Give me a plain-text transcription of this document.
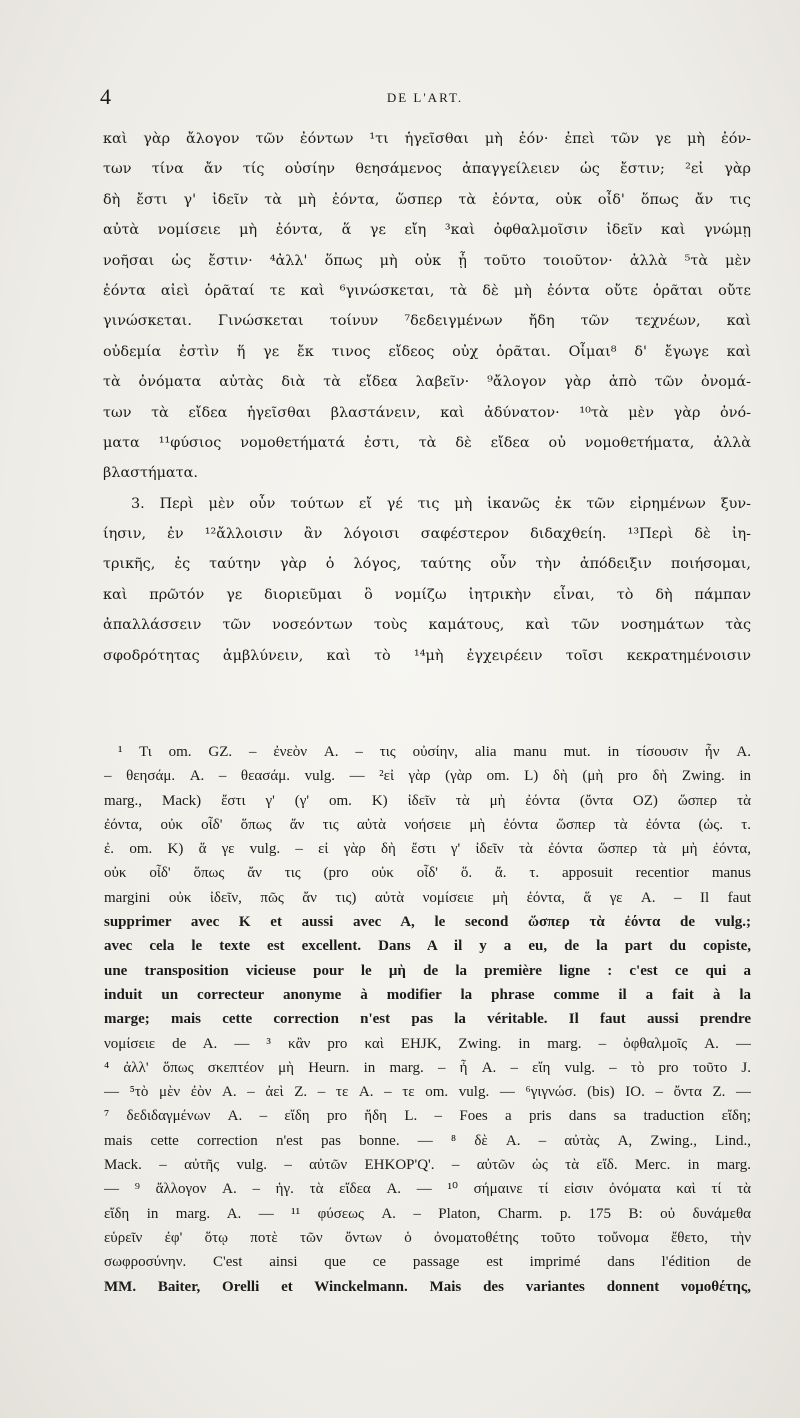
4	DE L'ART.
καὶ γὰρ ἄλογον τῶν ἐόντων ¹τι ἡγεῖσθαι μὴ ἐόν· ἐπεὶ τῶν γε μὴ ἐόν-
των τίνα ἄν τίς οὐσίην θεησάμενος ἀπαγγείλειεν ὡς ἔστιν; ²εἰ γὰρ
δὴ ἔστι γ' ἰδεῖν τὰ μὴ ἐόντα, ὥσπερ τὰ ἐόντα, οὐκ οἶδ' ὅπως ἄν τις
αὐτὰ νομίσειε μὴ ἐόντα, ἅ γε εἴη ³καὶ ὀφθαλμοῖσιν ἰδεῖν καὶ γνώμῃ
νοῆσαι ὡς ἔστιν· ⁴ἀλλ' ὅπως μὴ οὐκ ᾖ τοῦτο τοιοῦτον· ἀλλὰ ⁵τὰ μὲν
ἐόντα αἰεὶ ὁρᾶταί τε καὶ ⁶γινώσκεται, τὰ δὲ μὴ ἐόντα οὔτε ὁρᾶται οὔτε
γινώσκεται. Γινώσκεται τοίνυν ⁷δεδειγμένων ἤδη τῶν τεχνέων, καὶ
οὐδεμία ἐστὶν ἥ γε ἔκ τινος εἴδεος οὐχ ὁρᾶται. Οἶμαι⁸ δ' ἔγωγε καὶ
τὰ ὀνόματα αὐτὰς διὰ τὰ εἴδεα λαβεῖν· ⁹ἄλογον γὰρ ἀπὸ τῶν ὀνομά-
των τὰ εἴδεα ἡγεῖσθαι βλαστάνειν, καὶ ἀδύνατον· ¹⁰τὰ μὲν γὰρ ὀνό-
ματα ¹¹φύσιος νομοθετήματά ἐστι, τὰ δὲ εἴδεα οὐ νομοθετήματα, ἀλλὰ
βλαστήματα.
3. Περὶ μὲν οὖν τούτων εἴ γέ τις μὴ ἱκανῶς ἐκ τῶν εἰρημένων ξυν-
ίησιν, ἐν ¹²ἄλλοισιν ἂν λόγοισι σαφέστερον διδαχθείη. ¹³Περὶ δὲ ἰη-
τρικῆς, ἐς ταύτην γὰρ ὁ λόγος, ταύτης οὖν τὴν ἀπόδειξιν ποιήσομαι,
καὶ πρῶτόν γε διοριεῦμαι ὃ νομίζω ἰητρικὴν εἶναι, τὸ δὴ πάμπαν
ἀπαλλάσσειν τῶν νοσεόντων τοὺς καμάτους, καὶ τῶν νοσημάτων τὰς
σφοδρότητας ἀμβλύνειν, καὶ τὸ ¹⁴μὴ ἐγχειρέειν τοῖσι κεκρατημένοισιν
¹ Τι om. GZ. – ἐνεὸν A. – τις οὐσίην, alia manu mut. in τίσουσιν ἦν A.
– θεησάμ. A. – θεασάμ. vulg. — ²εἰ γὰρ (γὰρ om. L) δὴ (μὴ pro δὴ Zwing. in
marg., Mack) ἔστι γ' (γ' om. K) ἰδεῖν τὰ μὴ ἐόντα (ὄντα OZ) ὥσπερ τὰ
ἐόντα, οὐκ οἶδ' ὅπως ἄν τις αὐτὰ νοήσειε μὴ ἐόντα ὥσπερ τὰ ἐόντα (ὡς. τ.
ἐ. om. K) ἅ γε vulg. – εἰ γὰρ δὴ ἔστι γ' ἰδεῖν τὰ ἐόντα ὥσπερ τὰ μὴ ἐόντα,
οὐκ οἶδ' ὅπως ἄν τις (pro οὐκ οἶδ' ὅ. ἄ. τ. apposuit recentior manus
margini οὐκ ἰδεῖν, πῶς ἄν τις) αὐτὰ νομίσειε μὴ ἐόντα, ἅ γε A. – Il faut
supprimer avec K et aussi avec A, le second ὥσπερ τὰ ἐόντα de vulg.;
avec cela le texte est excellent. Dans A il y a eu, de la part du copiste,
une transposition vicieuse pour le μὴ de la première ligne : c'est ce qui a
induit un correcteur anonyme à modifier la phrase comme il a fait à la
marge; mais cette correction n'est pas la véritable. Il faut aussi prendre
νομίσειε de A. — ³ κἂν pro καὶ EHJK, Zwing. in marg. – ὀφθαλμοῖς A. —
⁴ ἀλλ' ὅπως σκεπτέον μὴ Heurn. in marg. – ἦ A. – εἴη vulg. – τὸ pro τοῦτο J.
— ⁵τὸ μὲν ἐὸν A. – ἀεὶ Z. – τε A. – τε om. vulg. — ⁶γιγνώσ. (bis) IO. – ὄντα Z. —
⁷ δεδιδαγμένων A. – εἴδη pro ἤδη L. – Foes a pris dans sa traduction εἴδη;
mais cette correction n'est pas bonne. — ⁸ δὲ A. – αὐτὰς A, Zwing., Lind.,
Mack. – αὐτῆς vulg. – αὐτῶν EHKOP'Q'. – αὐτῶν ὡς τὰ εἴδ. Merc. in marg.
— ⁹ ἄλλογον A. – ἡγ. τὰ εἴδεα A. — ¹⁰ σήμαινε τί εἰσιν ὀνόματα καὶ τί τὰ
εἴδη in marg. A. — ¹¹ φύσεως A. – Platon, Charm. p. 175 B: οὐ δυνάμεθα
εὑρεῖν ἐφ' ὅτῳ ποτὲ τῶν ὄντων ὁ ὀνοματοθέτης τοῦτο τοὔνομα ἔθετο, τὴν
σωφροσύνην. C'est ainsi que ce passage est imprimé dans l'édition de
MM. Baiter, Orelli et Winckelmann. Mais des variantes donnent νομοθέτης,
